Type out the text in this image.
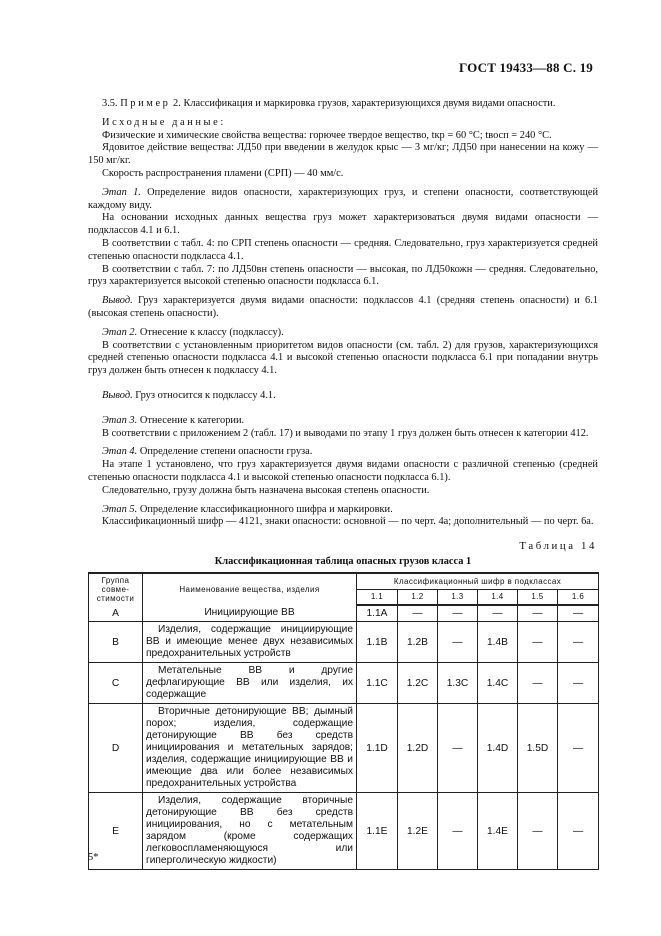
ГОСТ 19433—88 С. 19

3.5. Пример 2. Классификация и маркировка грузов, характеризующихся двумя видами опасности.

Исходные данные:

Физические и химические свойства вещества: горючее твердое вещество, tкр = 60 °С; tвосп = 240 °С.

Ядовитое действие вещества: ЛД50 при введении в желудок крыс — 3 мг/кг; ЛД50 при нанесении на кожу — 150 мг/кг.

Скорость распространения пламени (СРП) — 40 мм/с.

Этап 1. Определение видов опасности, характеризующих груз, и степени опасности, соответствующей каждому виду.

На основании исходных данных вещества груз может характеризоваться двумя видами опасности — подклассов 4.1 и 6.1.

В соответствии с табл. 4: по СРП степень опасности — средняя. Следовательно, груз характеризуется средней степенью опасности подкласса 4.1.

В соответствии с табл. 7: по ЛД50вн степень опасности — высокая, по ЛД50кожн — средняя. Следовательно, груз характеризуется высокой степенью опасности подкласса 6.1.

Вывод. Груз характеризуется двумя видами опасности: подклассов 4.1 (средняя степень опасности) и 6.1 (высокая степень опасности).

Этап 2. Отнесение к классу (подклассу).

В соответствии с установленным приоритетом видов опасности (см. табл. 2) для грузов, характеризующихся средней степенью опасности подкласса 4.1 и высокой степенью опасности подкласса 6.1 при попадании внутрь груз должен быть отнесен к подклассу 4.1.

Вывод. Груз относится к подклассу 4.1.

Этап 3. Отнесение к категории.

В соответствии с приложением 2 (табл. 17) и выводами по этапу 1 груз должен быть отнесен к категории 412.

Этап 4. Определение степени опасности груза.

На этапе 1 установлено, что груз характеризуется двумя видами опасности с различной степенью (средней степенью опасности подкласса 4.1 и высокой степенью опасности подкласса 6.1).

Следовательно, грузу должна быть назначена высокая степень опасности.

Этап 5. Определение классификационного шифра и маркировки.

Классификационный шифр — 4121, знаки опасности: основной — по черт. 4а; дополнительный — по черт. 6а.

Таблица 14
Классификационная таблица опасных грузов класса 1
Группа совме-стимости	Наименование вещества, изделия	Классификационный шифр в подклассах					
		1.1	1.2	1.3	1.4	1.5	1.6
А	Инициирующие ВВ	1.1А	—	—	—	—	—
В	Изделия, содержащие инициирующие ВВ и имеющие менее двух независимых предохранительных устройств	1.1В	1.2В	—	1.4В	—	—
С	Метательные ВВ и другие дефлагирующие ВВ или изделия, их содержащие	1.1С	1.2С	1.3С	1.4С	—	—
D	Вторичные детонирующие ВВ; дымный порох; изделия, содержащие детонирующие ВВ без средств инициирования и метательных зарядов; изделия, содержащие инициирующие ВВ и имеющие два или более независимых предохранительных устройства	1.1D	1.2D	—	1.4D	1.5D	—
Е	Изделия, содержащие вторичные детонирующие ВВ без средств инициирования, но с метательным зарядом (кроме содержащих легковоспламеняющуюся или гиперголическую жидкости)	1.1Е	1.2Е	—	1.4Е	—	—
5*
